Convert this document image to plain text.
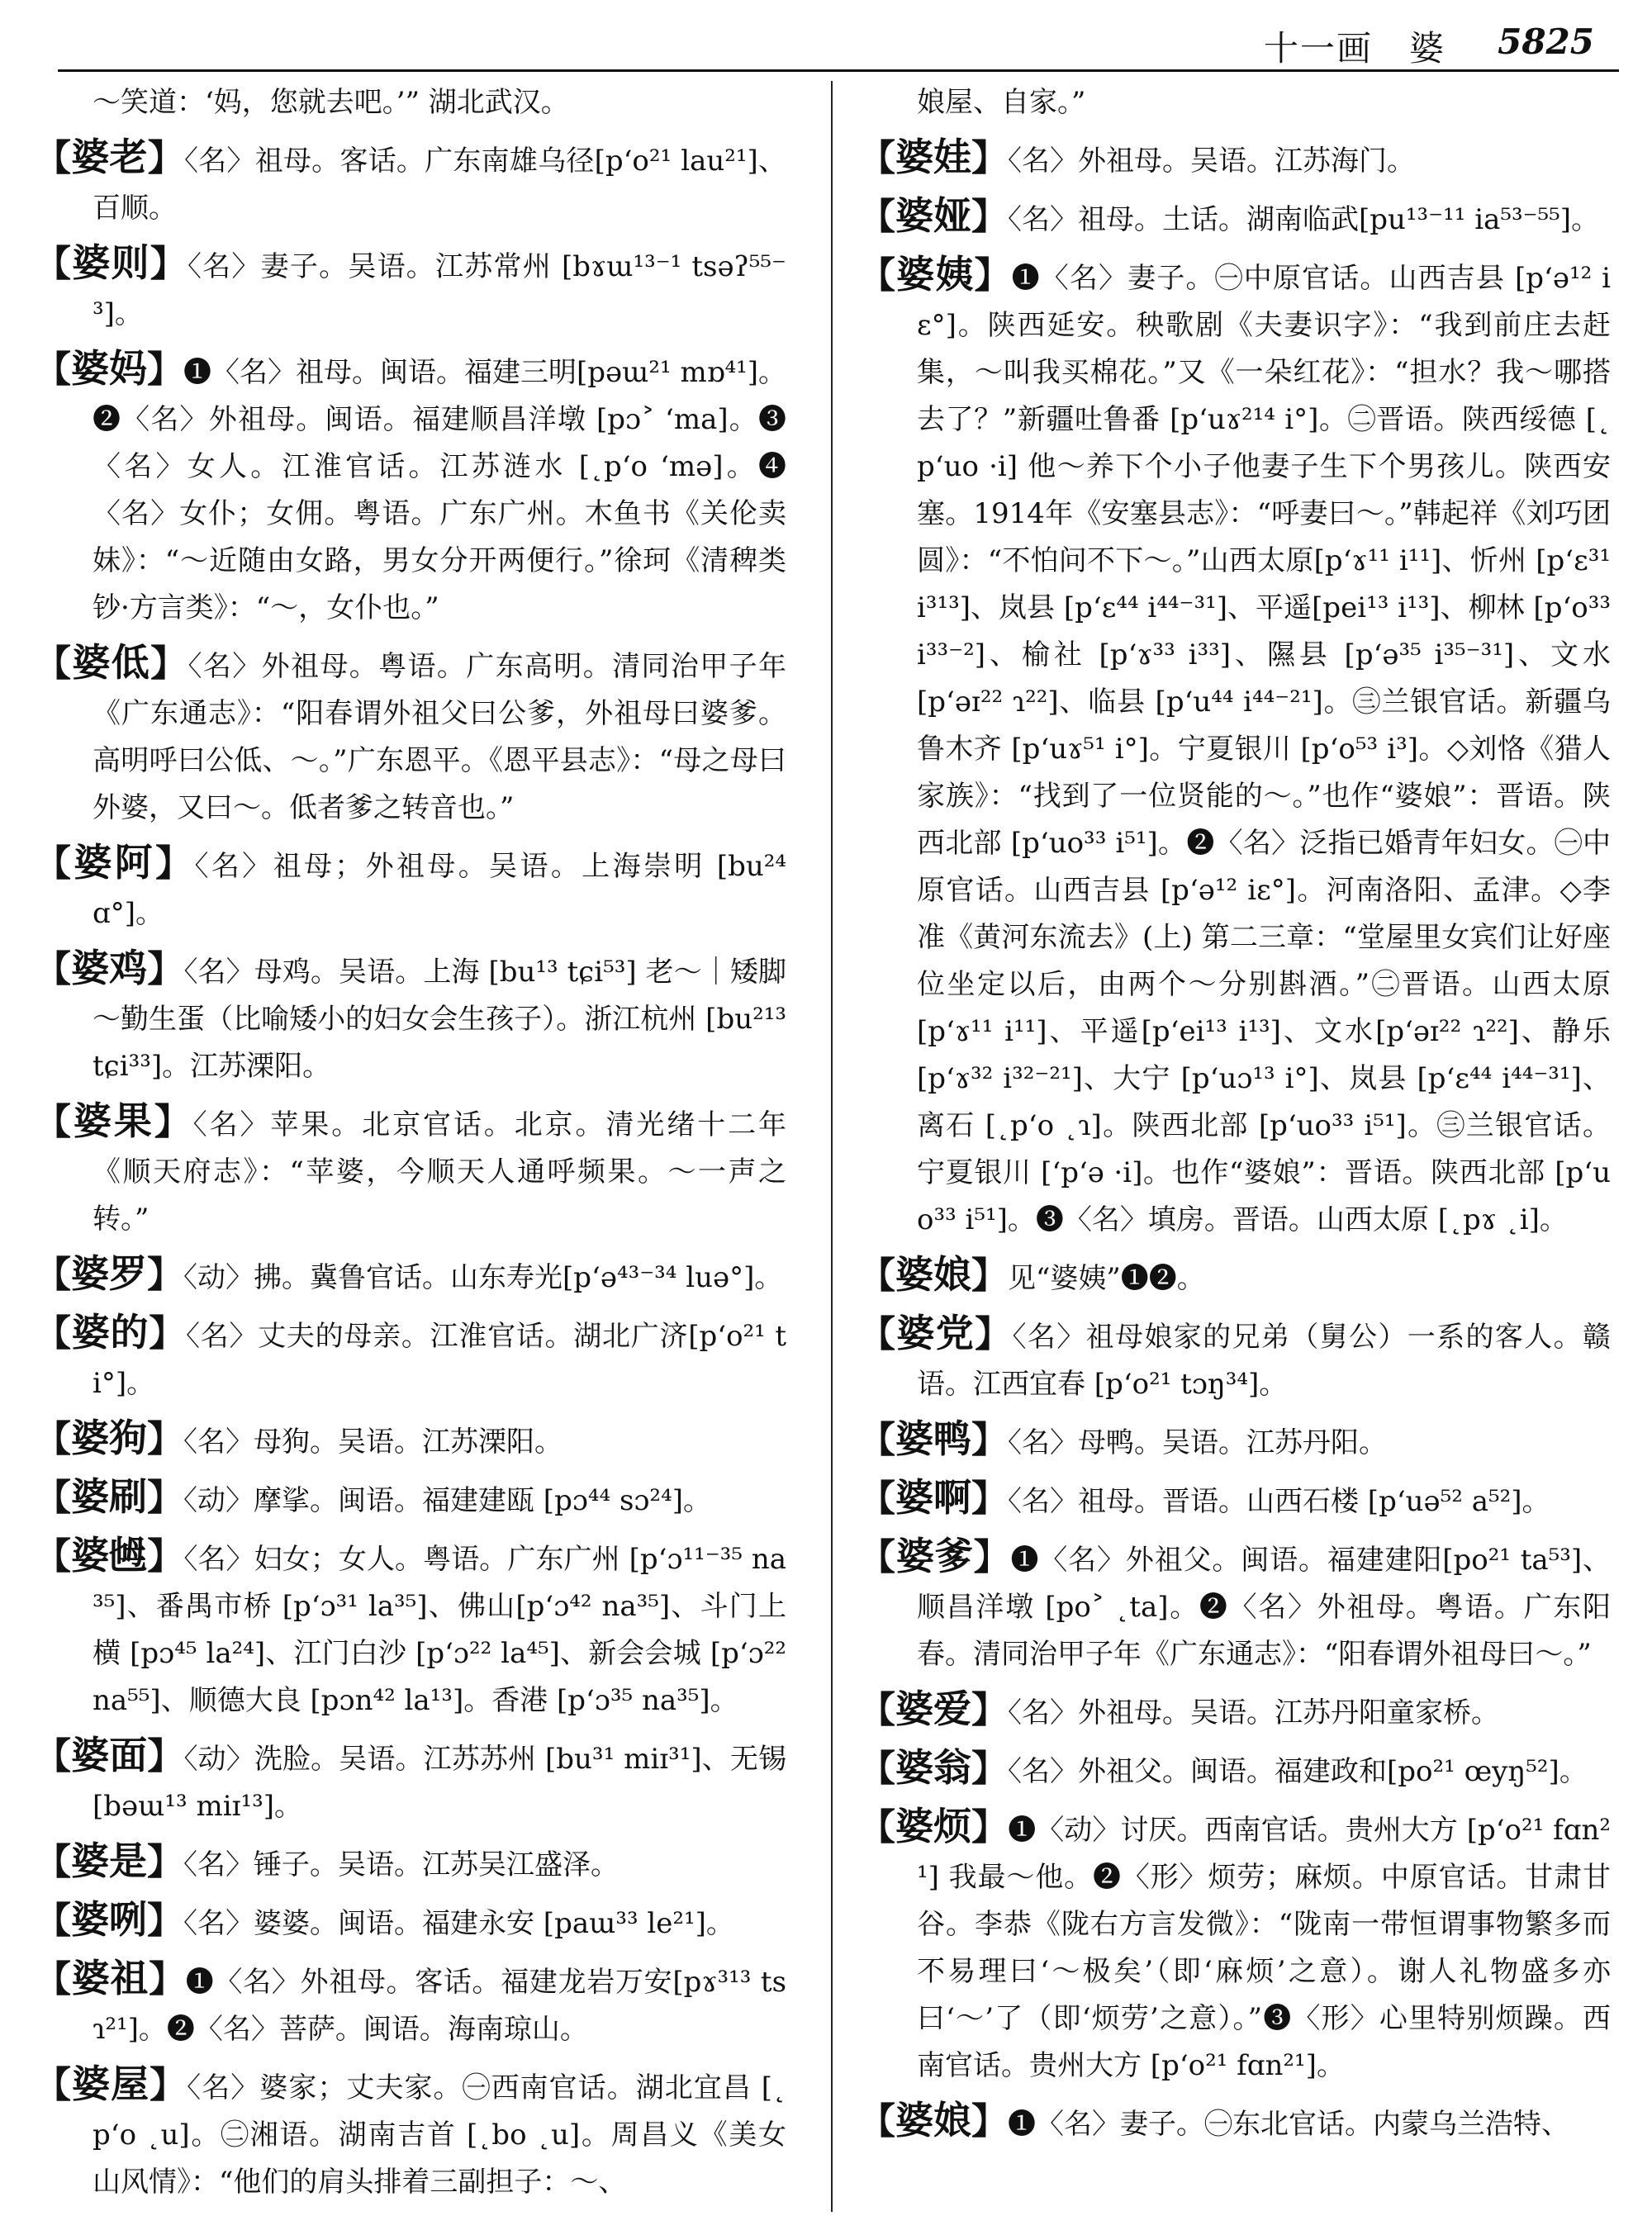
十一画　婆 5825

～笑道：‘妈，您就去吧。’” 湖北武汉。

【婆老】〈名〉祖母。客话。广东南雄乌径[p‘o²¹ lau²¹]、百顺。

【婆则】〈名〉妻子。吴语。江苏常州 [bɤɯ¹³⁻¹ tsəʔ⁵⁵⁻³]。

【婆妈】❶〈名〉祖母。闽语。福建三明[pəɯ²¹ mɒ⁴¹]。❷〈名〉外祖母。闽语。福建顺昌洋墩 [pɔ˃ ‘ma]。❸〈名〉女人。江淮官话。江苏涟水 [˛p‘o ‘mə]。❹〈名〉女仆；女佣。粤语。广东广州。木鱼书《关伦卖妹》：“～近随由女路，男女分开两便行。”徐珂《清稗类钞·方言类》：“～，女仆也。”

【婆低】〈名〉外祖母。粤语。广东高明。清同治甲子年《广东通志》：“阳春谓外祖父曰公爹，外祖母曰婆爹。高明呼曰公低、～。”广东恩平。《恩平县志》：“母之母曰外婆，又曰～。低者爹之转音也。”

【婆阿】〈名〉祖母；外祖母。吴语。上海崇明 [bu²⁴ ɑ°]。

【婆鸡】〈名〉母鸡。吴语。上海 [bu¹³ tɕi⁵³] 老～｜矮脚～勤生蛋（比喻矮小的妇女会生孩子）。浙江杭州 [bu²¹³ tɕi³³]。江苏溧阳。

【婆果】〈名〉苹果。北京官话。北京。清光绪十二年《顺天府志》：“苹婆，今顺天人通呼频果。～一声之转。”

【婆罗】〈动〉拂。冀鲁官话。山东寿光[p‘ə⁴³⁻³⁴ luə°]。

【婆的】〈名〉丈夫的母亲。江淮官话。湖北广济[p‘o²¹ ti°]。

【婆狗】〈名〉母狗。吴语。江苏溧阳。

【婆刷】〈动〉摩挲。闽语。福建建瓯 [pɔ⁴⁴ sɔ²⁴]。

【婆乸】〈名〉妇女；女人。粤语。广东广州 [p‘ɔ¹¹⁻³⁵ na³⁵]、番禺市桥 [p‘ɔ³¹ la³⁵]、佛山[p‘ɔ⁴² na³⁵]、斗门上横 [pɔ⁴⁵ la²⁴]、江门白沙 [p‘ɔ²² la⁴⁵]、新会会城 [p‘ɔ²² na⁵⁵]、顺德大良 [pɔn⁴² la¹³]。香港 [p‘ɔ³⁵ na³⁵]。

【婆面】〈动〉洗脸。吴语。江苏苏州 [bu³¹ miɪ³¹]、无锡 [bəɯ¹³ miɪ¹³]。

【婆是】〈名〉锤子。吴语。江苏吴江盛泽。

【婆咧】〈名〉婆婆。闽语。福建永安 [paɯ³³ le²¹]。

【婆祖】❶〈名〉外祖母。客话。福建龙岩万安[pɤ³¹³ tsɿ²¹]。❷〈名〉菩萨。闽语。海南琼山。

【婆屋】〈名〉婆家；丈夫家。㊀西南官话。湖北宜昌 [˛p‘o ˛u]。㊁湘语。湖南吉首 [˛bo ˛u]。周昌义《美女山风情》：“他们的肩头排着三副担子：～、

娘屋、自家。”

【婆娃】〈名〉外祖母。吴语。江苏海门。

【婆娅】〈名〉祖母。土话。湖南临武[pu¹³⁻¹¹ ia⁵³⁻⁵⁵]。

【婆姨】❶〈名〉妻子。㊀中原官话。山西吉县 [p‘ə¹² iɛ°]。陕西延安。秧歌剧《夫妻识字》：“我到前庄去赶集，～叫我买棉花。”又《一朵红花》：“担水？我～哪搭去了？”新疆吐鲁番 [p‘uɤ²¹⁴ i°]。㊁晋语。陕西绥德 [˛p‘uo ·i] 他～养下个小子他妻子生下个男孩儿。陕西安塞。1914年《安塞县志》：“呼妻曰～。”韩起祥《刘巧团圆》：“不怕问不下～。”山西太原[p‘ɤ¹¹ i¹¹]、忻州 [p‘ɛ³¹ i³¹³]、岚县 [p‘ɛ⁴⁴ i⁴⁴⁻³¹]、平遥[pei¹³ i¹³]、柳林 [p‘o³³ i³³⁻²]、榆社 [p‘ɤ³³ i³³]、隰县 [p‘ə³⁵ i³⁵⁻³¹]、文水 [p‘əɪ²² ɿ²²]、临县 [p‘u⁴⁴ i⁴⁴⁻²¹]。㊂兰银官话。新疆乌鲁木齐 [p‘uɤ⁵¹ i°]。宁夏银川 [p‘o⁵³ i³]。◇刘恪《猎人家族》：“找到了一位贤能的～。”也作“婆娘”：晋语。陕西北部 [p‘uo³³ i⁵¹]。❷〈名〉泛指已婚青年妇女。㊀中原官话。山西吉县 [p‘ə¹² iɛ°]。河南洛阳、孟津。◇李准《黄河东流去》(上) 第二三章：“堂屋里女宾们让好座位坐定以后，由两个～分别斟酒。”㊁晋语。山西太原 [p‘ɤ¹¹ i¹¹]、平遥[p‘ei¹³ i¹³]、文水[p‘əɪ²² ɿ²²]、静乐 [p‘ɤ³² i³²⁻²¹]、大宁 [p‘uɔ¹³ i°]、岚县 [p‘ɛ⁴⁴ i⁴⁴⁻³¹]、离石 [˛p‘o ˛ɿ]。陕西北部 [p‘uo³³ i⁵¹]。㊂兰银官话。宁夏银川 [‘p‘ə ·i]。也作“婆娘”：晋语。陕西北部 [p‘uo³³ i⁵¹]。❸〈名〉填房。晋语。山西太原 [˛pɤ ˛i]。

【婆娘】见“婆姨”❶❷。

【婆党】〈名〉祖母娘家的兄弟（舅公）一系的客人。赣语。江西宜春 [p‘o²¹ tɔŋ³⁴]。

【婆鸭】〈名〉母鸭。吴语。江苏丹阳。

【婆啊】〈名〉祖母。晋语。山西石楼 [p‘uə⁵² a⁵²]。

【婆爹】❶〈名〉外祖父。闽语。福建建阳[po²¹ ta⁵³]、顺昌洋墩 [po˃ ˛ta]。❷〈名〉外祖母。粤语。广东阳春。清同治甲子年《广东通志》：“阳春谓外祖母曰～。”

【婆爱】〈名〉外祖母。吴语。江苏丹阳童家桥。

【婆翁】〈名〉外祖父。闽语。福建政和[po²¹ œyŋ⁵²]。

【婆烦】❶〈动〉讨厌。西南官话。贵州大方 [p‘o²¹ fɑn²¹] 我最～他。❷〈形〉烦劳；麻烦。中原官话。甘肃甘谷。李恭《陇右方言发微》：“陇南一带恒谓事物繁多而不易理曰‘～极矣’（即‘麻烦’之意）。谢人礼物盛多亦曰‘～’了（即‘烦劳’之意）。”❸〈形〉心里特别烦躁。西南官话。贵州大方 [p‘o²¹ fɑn²¹]。

【婆娘】❶〈名〉妻子。㊀东北官话。内蒙乌兰浩特、
